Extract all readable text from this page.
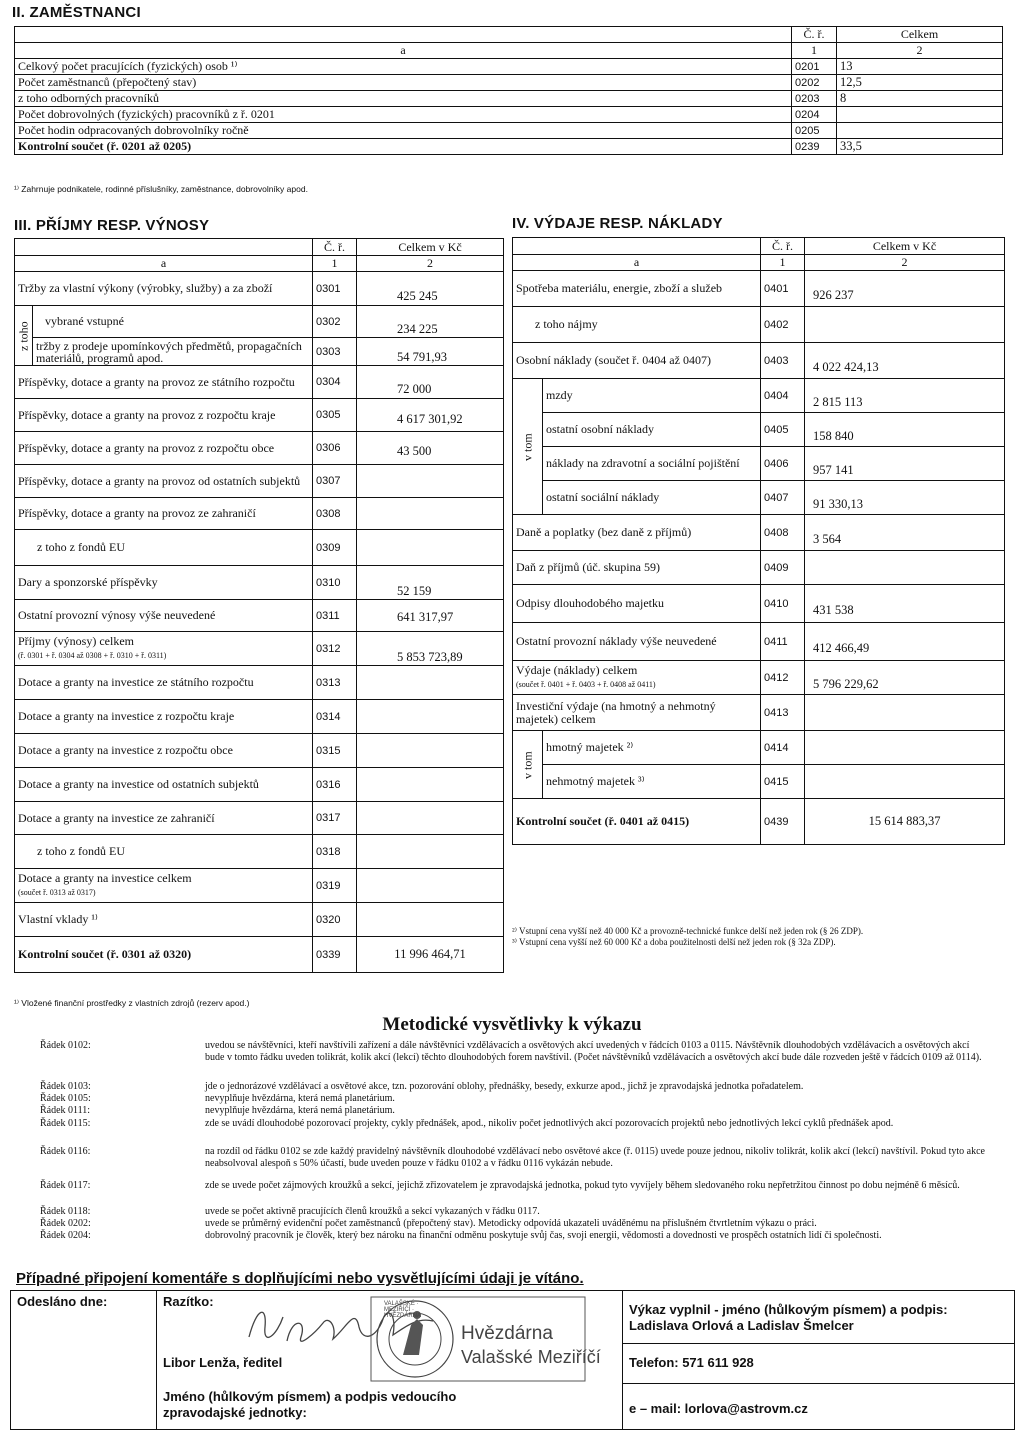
II. ZAMĚSTNANCI
	Č. ř.	Celkem
a	1	2
Celkový počet pracujících (fyzických) osob ¹⁾	0201	13
Počet zaměstnanců (přepočtený stav)	0202	12,5
z toho odborných pracovníků	0203	8
Počet dobrovolných (fyzických) pracovníků z ř. 0201	0204	
Počet hodin odpracovaných dobrovolníky ročně	0205	
Kontrolní součet (ř. 0201 až 0205)	0239	33,5
¹⁾ Zahrnuje podnikatele, rodinné příslušníky, zaměstnance, dobrovolníky apod.
III. PŘÍJMY RESP. VÝNOSY
		Č. ř.	Celkem v Kč
a		1	2
Tržby za vlastní výkony (výrobky, služby) a za zboží		0301	425 245
z toho	vybrané vstupné	0302	234 225
	tržby z prodeje upomínkových předmětů, propagačních materiálů, programů apod.	0303	54 791,93
Příspěvky, dotace a granty na provoz ze státního rozpočtu		0304	72 000
Příspěvky, dotace a granty na provoz z rozpočtu kraje		0305	4 617 301,92
Příspěvky, dotace a granty na provoz z rozpočtu obce		0306	43 500
Příspěvky, dotace a granty na provoz od ostatních subjektů		0307	
Příspěvky, dotace a granty na provoz ze zahraničí		0308	
z toho z fondů EU		0309	
Dary a sponzorské příspěvky		0310	52 159
Ostatní provozní výnosy výše neuvedené		0311	641 317,97
Příjmy (výnosy) celkem
(ř. 0301 + ř. 0304 až 0308 + ř. 0310 + ř. 0311)		0312	5 853 723,89
Dotace a granty na investice ze státního rozpočtu		0313	
Dotace a granty na investice z rozpočtu kraje		0314	
Dotace a granty na investice z rozpočtu obce		0315	
Dotace a granty na investice od ostatních subjektů		0316	
Dotace a granty na investice ze zahraničí		0317	
z toho z fondů EU		0318	
Dotace a granty na investice celkem
(součet ř. 0313 až 0317)		0319	
Vlastní vklady ¹⁾		0320	
Kontrolní součet (ř. 0301 až 0320)		0339	11 996 464,71
¹⁾ Vložené finanční prostředky z vlastních zdrojů (rezerv apod.)
IV. VÝDAJE RESP. NÁKLADY
		Č. ř.	Celkem v Kč
a		1	2
Spotřeba materiálu, energie, zboží a služeb		0401	926 237
z toho nájmy		0402	
Osobní náklady (součet ř. 0404 až 0407)		0403	4 022 424,13
v tom	mzdy	0404	2 815 113
	ostatní osobní náklady	0405	158 840
	náklady na zdravotní a sociální pojištění	0406	957 141
	ostatní sociální náklady	0407	91 330,13
Daně a poplatky (bez daně z příjmů)		0408	3 564
Daň z příjmů (úč. skupina 59)		0409	
Odpisy dlouhodobého majetku		0410	431 538
Ostatní provozní náklady výše neuvedené		0411	412 466,49
Výdaje (náklady) celkem
(součet ř. 0401 + ř. 0403 + ř. 0408 až 0411)		0412	5 796 229,62
Investiční výdaje (na hmotný a nehmotný majetek) celkem		0413	
v tom	hmotný majetek ²⁾	0414	
	nehmotný majetek ³⁾	0415	
Kontrolní součet (ř. 0401 až 0415)		0439	15 614 883,37
²⁾ Vstupní cena vyšší než 40 000 Kč a provozně-technické funkce delší než jeden rok (§ 26 ZDP).
³⁾ Vstupní cena vyšší než 60 000 Kč a doba použitelnosti delší než jeden rok (§ 32a ZDP).
Metodické vysvětlivky k výkazu
Řádek 0102:	uvedou se návštěvníci, kteří navštívili zařízení a dále návštěvníci vzdělávacích a osvětových akcí uvedených v řádcích 0103 a 0115. Návštěvník dlouhodobých vzdělávacích a osvětových akcí bude v tomto řádku uveden tolikrát, kolik akcí (lekcí) těchto dlouhodobých forem navštívil. (Počet návštěvníků vzdělávacích a osvětových akcí bude dále rozveden ještě v řádcích 0109 až 0114).
Řádek 0103:	jde o jednorázové vzdělávací a osvětové akce, tzn. pozorování oblohy, přednášky, besedy, exkurze apod., jichž je zpravodajská jednotka pořadatelem.
Řádek 0105:	nevyplňuje hvězdárna, která nemá planetárium.
Řádek 0111:	nevyplňuje hvězdárna, která nemá planetárium.
Řádek 0115:	zde se uvádí dlouhodobé pozorovací projekty, cykly přednášek, apod., nikoliv počet jednotlivých akcí pozorovacích projektů nebo jednotlivých lekcí cyklů přednášek apod.
Řádek 0116:	na rozdíl od řádku 0102 se zde každý pravidelný návštěvník dlouhodobé vzdělávací nebo osvětové akce (ř. 0115) uvede pouze jednou, nikoliv tolikrát, kolik akcí (lekcí) navštívil. Pokud tyto akce neabsolvoval alespoň s 50% účastí, bude uveden pouze v řádku 0102 a v řádku 0116 vykázán nebude.
Řádek 0117:	zde se uvede počet zájmových kroužků a sekcí, jejichž zřizovatelem je zpravodajská jednotka, pokud tyto vyvíjely během sledovaného roku nepřetržitou činnost po dobu nejméně 6 měsíců.
Řádek 0118:	uvede se počet aktivně pracujících členů kroužků a sekcí vykazaných v řádku 0117.
Řádek 0202:	uvede se průměrný evidenční počet zaměstnanců (přepočtený stav). Metodicky odpovídá ukazateli uváděnému na příslušném čtvrtletním výkazu o práci.
Řádek 0204:	dobrovolný pracovník je člověk, který bez nároku na finanční odměnu poskytuje svůj čas, svoji energii, vědomosti a dovednosti ve prospěch ostatních lidí či společnosti.
Případné připojení komentáře s doplňujícími nebo vysvětlujícími údaji je vítáno.
Odesláno dne:	Razítko:	VALAŠSKÉ · MEZIŘÍČÍ · HVĚZDÁRNA
Hvězdárna
Valašské Meziříčí
Libor Lenža, ředitel
Jméno (hůlkovým písmem) a podpis vedoucího zpravodajské jednotky:

Výkaz vyplnil - jméno (hůlkovým písmem) a podpis:
Ladislava Orlová a Ladislav Šmelcer
Telefon: 571 611 928
e – mail: lorlova@astrovm.cz
